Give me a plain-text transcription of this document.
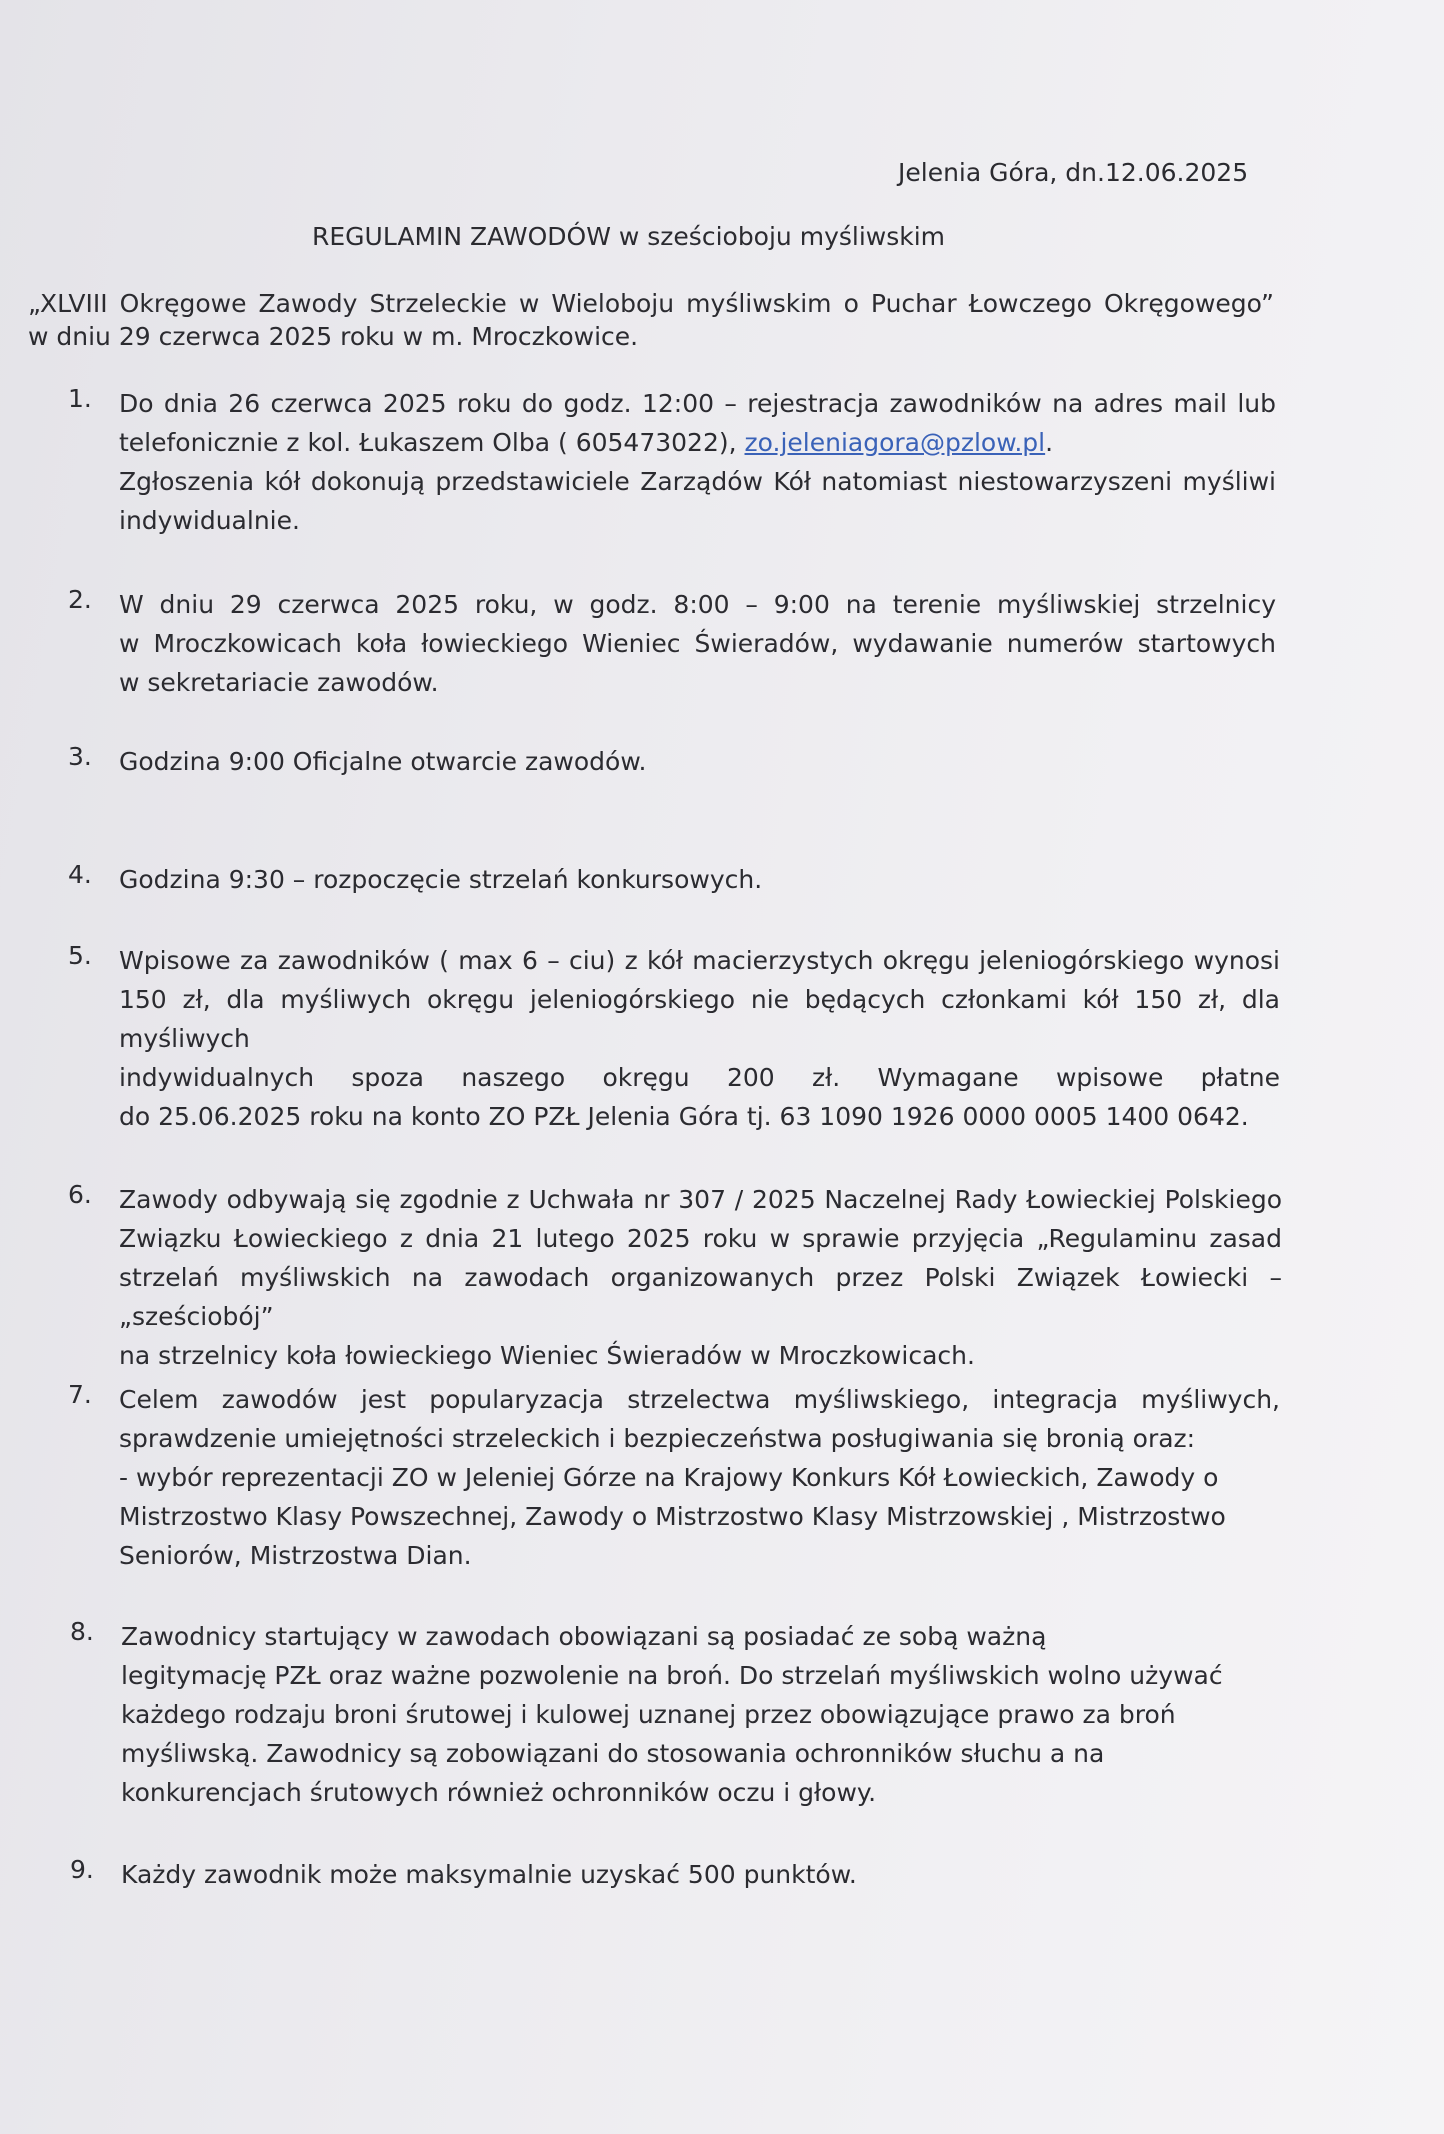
Jelenia Góra, dn.12.06.2025
REGULAMIN ZAWODÓW w sześcioboju myśliwskim
„XLVIII Okręgowe Zawody Strzeleckie w Wieloboju myśliwskim o Puchar Łowczego Okręgowego”
w dniu 29 czerwca 2025 roku w m. Mroczkowice.
1. Do dnia 26 czerwca 2025 roku do godz. 12:00 – rejestracja zawodników na adres mail lub
telefonicznie z kol. Łukaszem Olba ( 605473022), zo.jeleniagora@pzlow.pl.
Zgłoszenia kół dokonują przedstawiciele Zarządów Kół natomiast niestowarzyszeni myśliwi
indywidualnie.
2. W dniu 29 czerwca 2025 roku, w godz. 8:00 – 9:00 na terenie myśliwskiej strzelnicy
w Mroczkowicach koła łowieckiego Wieniec Świeradów, wydawanie numerów startowych
w sekretariacie zawodów.
3. Godzina 9:00 Oficjalne otwarcie zawodów.
4. Godzina 9:30 – rozpoczęcie strzelań konkursowych.
5. Wpisowe za zawodników ( max 6 – ciu) z kół macierzystych okręgu jeleniogórskiego wynosi
150 zł, dla myśliwych okręgu jeleniogórskiego nie będących członkami kół 150 zł, dla myśliwych
indywidualnych spoza naszego okręgu 200 zł. Wymagane wpisowe płatne
do 25.06.2025 roku na konto ZO PZŁ Jelenia Góra tj. 63 1090 1926 0000 0005 1400 0642.
6. Zawody odbywają się zgodnie z Uchwała nr 307 / 2025 Naczelnej Rady Łowieckiej Polskiego
Związku Łowieckiego z dnia 21 lutego 2025 roku w sprawie przyjęcia „Regulaminu zasad
strzelań myśliwskich na zawodach organizowanych przez Polski Związek Łowiecki – „sześciobój”
na strzelnicy koła łowieckiego Wieniec Świeradów w Mroczkowicach.
7. Celem zawodów jest popularyzacja strzelectwa myśliwskiego, integracja myśliwych,
sprawdzenie umiejętności strzeleckich i bezpieczeństwa posługiwania się bronią oraz:
- wybór reprezentacji ZO w Jeleniej Górze na Krajowy Konkurs Kół Łowieckich, Zawody o
Mistrzostwo Klasy Powszechnej, Zawody o Mistrzostwo Klasy Mistrzowskiej , Mistrzostwo
Seniorów, Mistrzostwa Dian.
8. Zawodnicy startujący w zawodach obowiązani są posiadać ze sobą ważną
legitymację PZŁ oraz ważne pozwolenie na broń. Do strzelań myśliwskich wolno używać
każdego rodzaju broni śrutowej i kulowej uznanej przez obowiązujące prawo za broń
myśliwską. Zawodnicy są zobowiązani do stosowania ochronników słuchu a na
konkurencjach śrutowych również ochronników oczu i głowy.
9. Każdy zawodnik może maksymalnie uzyskać 500 punktów.
